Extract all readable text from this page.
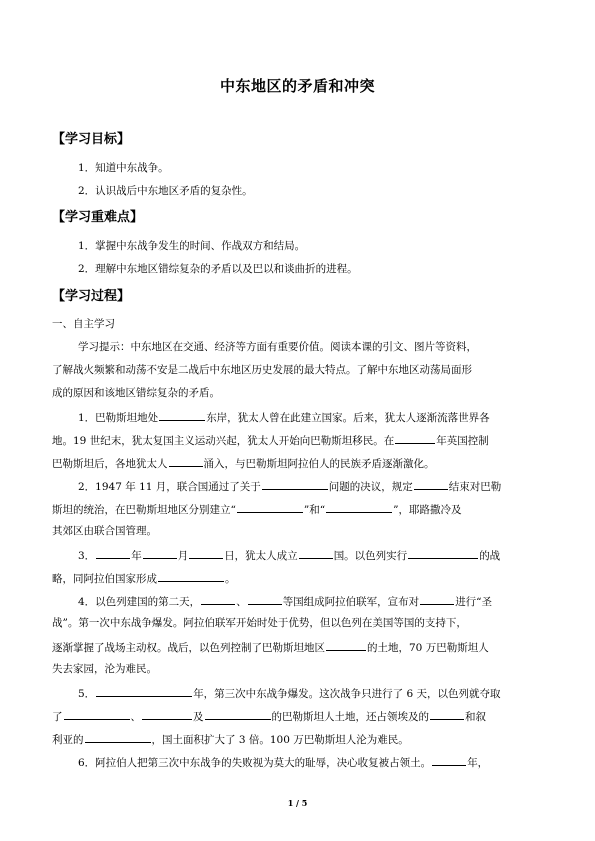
中东地区的矛盾和冲突
【学习目标】
1．知道中东战争。
2．认识战后中东地区矛盾的复杂性。
【学习重难点】
1．掌握中东战争发生的时间、作战双方和结局。
2．理解中东地区错综复杂的矛盾以及巴以和谈曲折的进程。
【学习过程】
一、自主学习
学习提示：中东地区在交通、经济等方面有重要价值。阅读本课的引文、图片等资料，
了解战火频繁和动荡不安是二战后中东地区历史发展的最大特点。了解中东地区动荡局面形
成的原因和该地区错综复杂的矛盾。
1．巴勒斯坦地处	东岸，犹太人曾在此建立国家。后来，犹太人逐渐流落世界各
地。19 世纪末，犹太复国主义运动兴起，犹太人开始向巴勒斯坦移民。在	年英国控制
巴勒斯坦后，各地犹太人	涌入，与巴勒斯坦阿拉伯人的民族矛盾逐渐激化。
2．1947 年 11 月，联合国通过了关于	问题的决议，规定	结束对巴勒
斯坦的统治，在巴勒斯坦地区分别建立“	”和“	”，耶路撒冷及
其郊区由联合国管理。
3．	年	月	日，犹太人成立	国。以色列实行	的战
略，同阿拉伯国家形成	。
4．以色列建国的第二天，	、	等国组成阿拉伯联军，宣布对	进行“圣
战”。第一次中东战争爆发。阿拉伯联军开始时处于优势，但以色列在美国等国的支持下，
逐渐掌握了战场主动权。战后，以色列控制了巴勒斯坦地区	的土地，70 万巴勒斯坦人
失去家园，沦为难民。
5．	年，第三次中东战争爆发。这次战争只进行了 6 天，以色列就夺取
了	、	及	的巴勒斯坦人土地，还占领埃及的	和叙
利亚的	，国土面积扩大了 3 倍。100 万巴勒斯坦人沦为难民。
6．阿拉伯人把第三次中东战争的失败视为莫大的耻辱，决心收复被占领土。	年，
1 / 5
